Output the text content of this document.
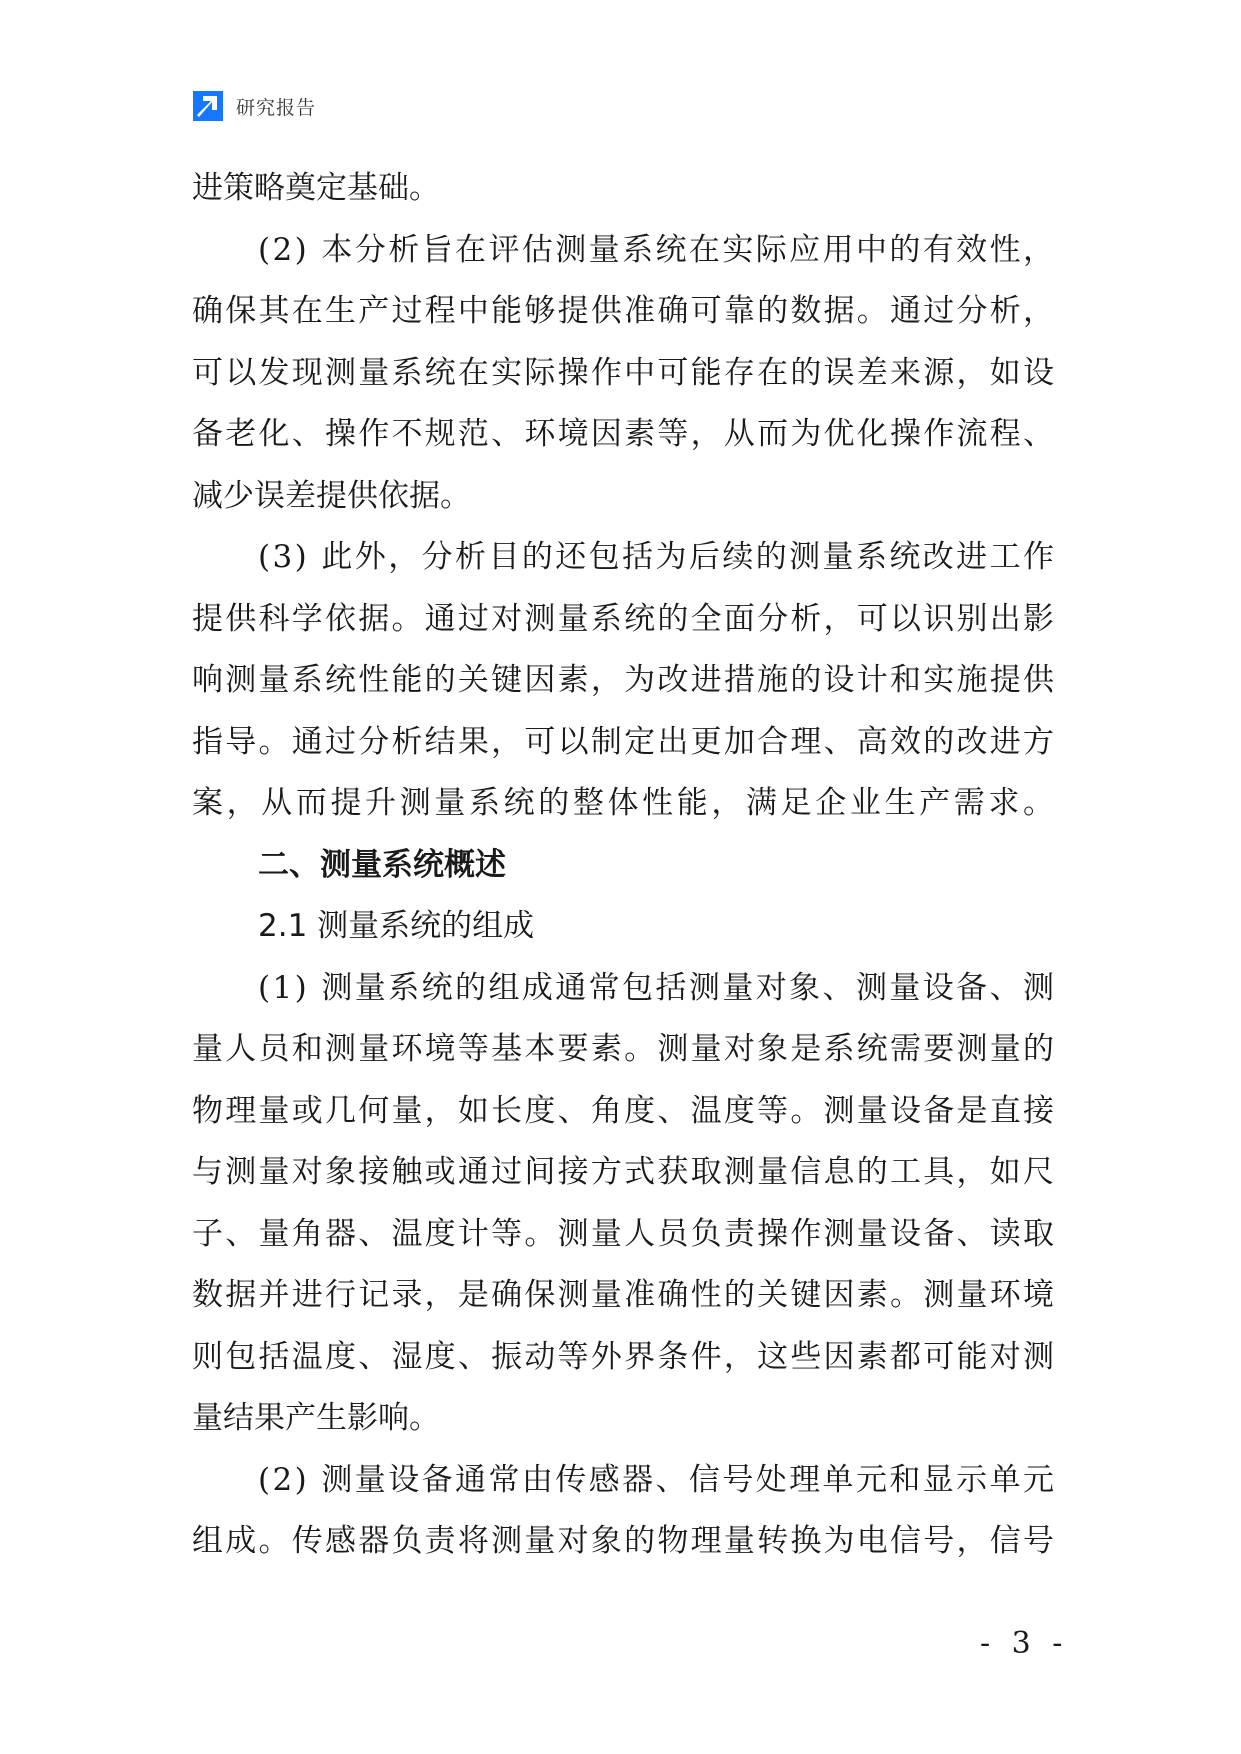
研究报告
进策略奠定基础。
(2) 本分析旨在评估测量系统在实际应用中的有效性，
确保其在生产过程中能够提供准确可靠的数据。通过分析，
可以发现测量系统在实际操作中可能存在的误差来源，如设
备老化、操作不规范、环境因素等，从而为优化操作流程、
减少误差提供依据。
(3) 此外，分析目的还包括为后续的测量系统改进工作
提供科学依据。通过对测量系统的全面分析，可以识别出影
响测量系统性能的关键因素，为改进措施的设计和实施提供
指导。通过分析结果，可以制定出更加合理、高效的改进方
案，从而提升测量系统的整体性能，满足企业生产需求。
二、测量系统概述
2.1 测量系统的组成
(1) 测量系统的组成通常包括测量对象、测量设备、测
量人员和测量环境等基本要素。测量对象是系统需要测量的
物理量或几何量，如长度、角度、温度等。测量设备是直接
与测量对象接触或通过间接方式获取测量信息的工具，如尺
子、量角器、温度计等。测量人员负责操作测量设备、读取
数据并进行记录，是确保测量准确性的关键因素。测量环境
则包括温度、湿度、振动等外界条件，这些因素都可能对测
量结果产生影响。
(2) 测量设备通常由传感器、信号处理单元和显示单元
组成。传感器负责将测量对象的物理量转换为电信号，信号
- 3 -
